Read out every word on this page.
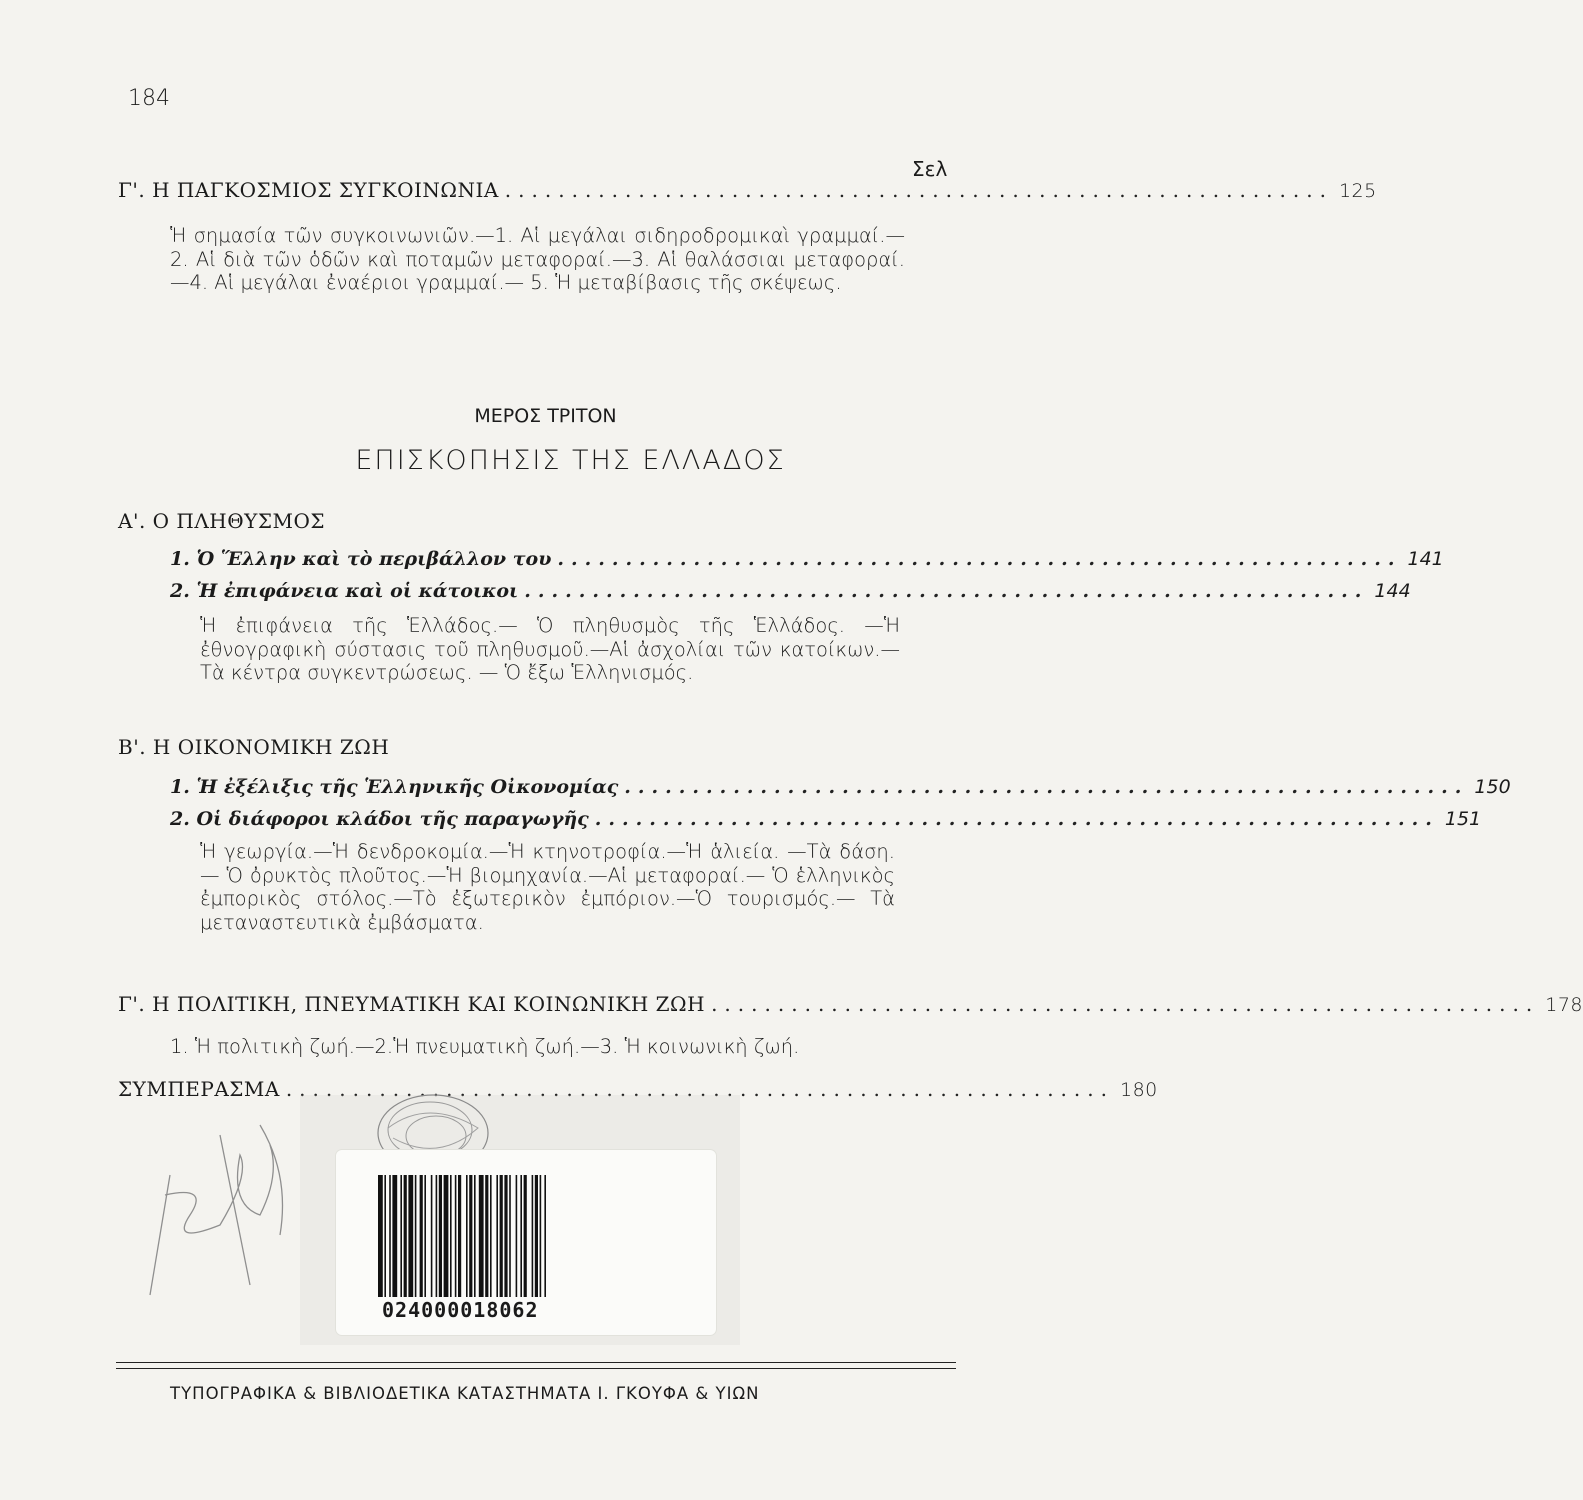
184
Σελ
Γ'. Η ΠΑΓΚΟΣΜΙΟΣ ΣΥΓΚΟΙΝΩΝΙΑ .............................................................. 125
Ἡ σημασία τῶν συγκοινωνιῶν.—1. Αἱ μεγάλαι σιδηροδρομικαὶ γραμμαί.—2. Αἱ διὰ τῶν ὁδῶν καὶ ποταμῶν μεταφοραί.—3. Αἱ θαλάσσιαι μεταφοραί. —4. Αἱ μεγάλαι ἐναέριοι γραμμαί.— 5. Ἡ μεταβίβασις τῆς σκέψεως.
ΜΕΡΟΣ ΤΡΙΤΟΝ
ΕΠΙΣΚΟΠΗΣΙΣ ΤΗΣ ΕΛΛΑΔΟΣ
Α'. Ο ΠΛΗΘΥΣΜΟΣ
1. Ὁ Ἕλλην καὶ τὸ περιβάλλον του .............................................................. 141
2. Ἡ ἐπιφάνεια καὶ οἱ κάτοικοι .............................................................. 144
Ἡ ἐπιφάνεια τῆς Ἑλλάδος.— Ὁ πληθυσμὸς τῆς Ἑλλάδος. —Ἡ ἐθνογραφικὴ σύστασις τοῦ πληθυσμοῦ.—Αἱ ἀσχολίαι τῶν κατοίκων.—Τὰ κέντρα συγκεντρώσεως. — Ὁ ἔξω Ἑλληνισμός.
Β'. Η ΟΙΚΟΝΟΜΙΚΗ ΖΩΗ
1. Ἡ ἐξέλιξις τῆς Ἑλληνικῆς Οἰκονομίας .............................................................. 150
2. Οἱ διάφοροι κλάδοι τῆς παραγωγῆς .............................................................. 151
Ἡ γεωργία.—Ἡ δενδροκομία.—Ἡ κτηνοτροφία.—Ἡ ἁλιεία. —Τὰ δάση.— Ὁ ὀρυκτὸς πλοῦτος.—Ἡ βιομηχανία.—Αἱ μεταφοραί.— Ὁ ἑλληνικὸς ἐμπορικὸς στόλος.—Τὸ ἐξωτερικὸν ἐμπόριον.—Ὁ τουρισμός.— Τὰ μεταναστευτικὰ ἐμβάσματα.
Γ'. Η ΠΟΛΙΤΙΚΗ, ΠΝΕΥΜΑΤΙΚΗ ΚΑΙ ΚΟΙΝΩΝΙΚΗ ΖΩΗ .............................................................. 178
1. Ἡ πολιτικὴ ζωή.—2.Ἡ πνευματικὴ ζωή.—3. Ἡ κοινωνικὴ ζωή.
ΣΥΜΠΕΡΑΣΜΑ .............................................................. 180
024000018062
ΤΥΠΟΓΡΑΦΙΚΑ & ΒΙΒΛΙΟΔΕΤΙΚΑ ΚΑΤΑΣΤΗΜΑΤΑ Ι. ΓΚΟΥΦΑ & ΥΙΩΝ
